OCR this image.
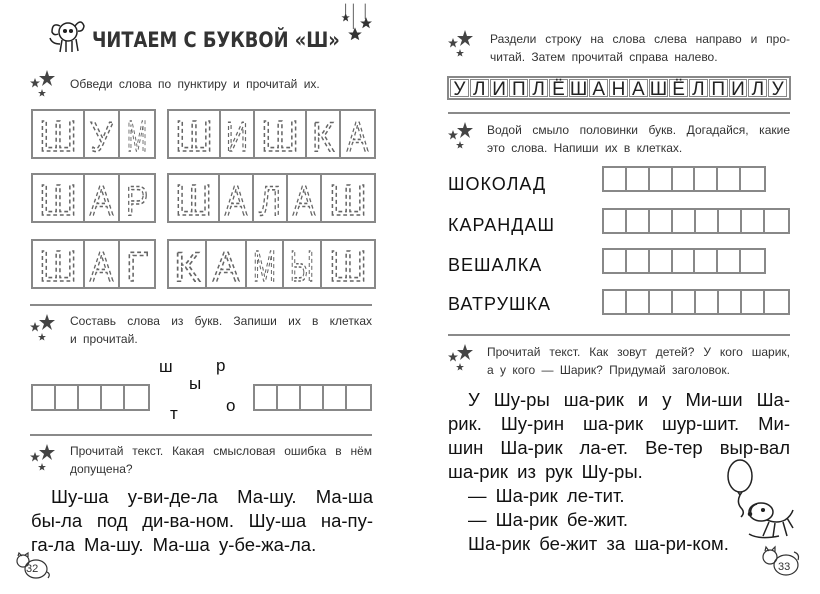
ЧИТАЕМ С БУКВОЙ «Ш»
Обведи слова по пунктиру и прочитай их.
Ш У М Ш И Ш К А
Ш А Р Ш А Л А Ш
Ш А Г К А М Ы Ш
Составь слова из букв. Запиши их в клетках
и прочитай.
ш	р
ы
т	о
Прочитай текст. Какая смысловая ошибка в нём
допущена?
Шу-ша у-ви-де-ла Ма-шу. Ма-ша
бы-ла под ди-ва-ном. Шу-ша на-пу-
га-ла Ма-шу. Ма-ша у-бе-жа-ла.
32
Раздели строку на слова слева направо и про-
читай. Затем прочитай справа налево.
У Л И П Л Ё Ш А Н А Ш Ё Л П И Л У
Водой смыло половинки букв. Догадайся, какие
это слова. Напиши их в клетках.
ШОКОЛАД
КАРАНДАШ
ВЕШАЛКА
ВАТРУШКА
Прочитай текст. Как зовут детей? У кого шарик,
а у кого — Шарик? Придумай заголовок.
У Шу-ры ша-рик и у Ми-ши Ша-
рик. Шу-рин ша-рик шур-шит. Ми-
шин Ша-рик ла-ет. Ве-тер выр-вал
ша-рик из рук Шу-ры.
— Ша-рик ле-тит.
— Ша-рик бе-жит.
Ша-рик бе-жит за ша-ри-ком.
33
